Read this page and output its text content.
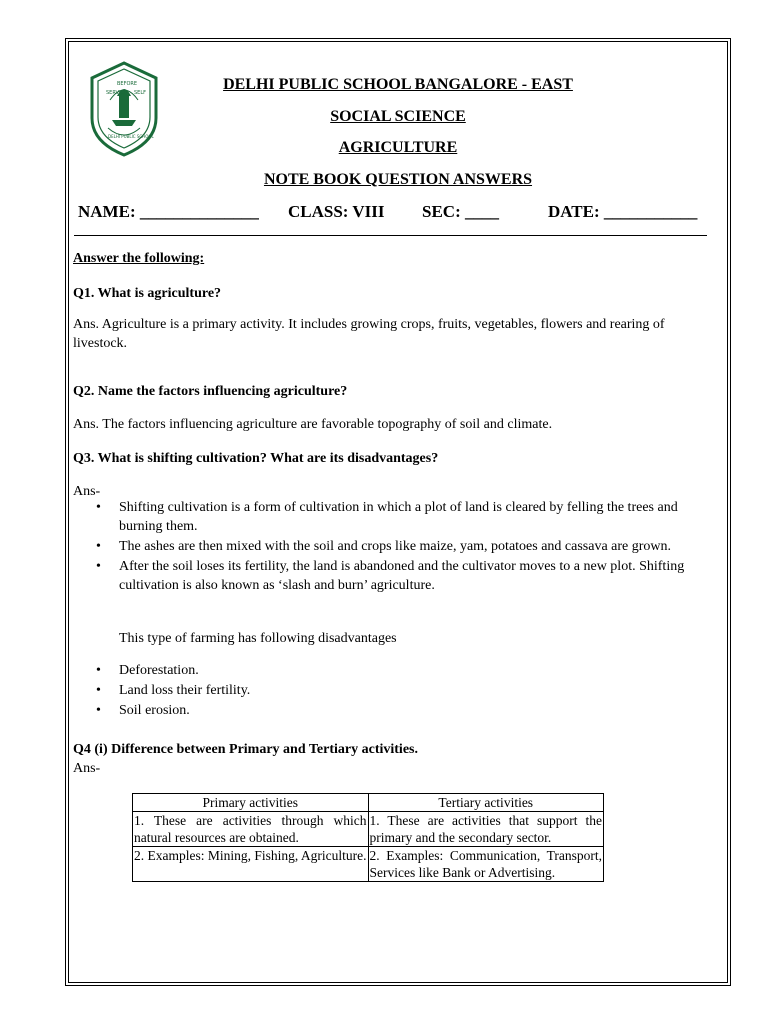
SERVICE
BEFORE
SELF
DELHI PUBLIC SCHOOL
DELHI PUBLIC SCHOOL BANGALORE - EAST
SOCIAL SCIENCE
AGRICULTURE
NOTE BOOK QUESTION ANSWERS
NAME: ______________ CLASS: VIII SEC: ____	DATE: ___________
Answer the following:
Q1. What is agriculture?
Ans. Agriculture is a primary activity. It includes growing crops, fruits, vegetables, flowers and rearing of livestock.
Q2. Name the factors influencing agriculture?
Ans. The factors influencing agriculture are favorable topography of soil and climate.
Q3. What is shifting cultivation? What are its disadvantages?
Ans-
• Shifting cultivation is a form of cultivation in which a plot of land is cleared by felling the trees and burning them.
• The ashes are then mixed with the soil and crops like maize, yam, potatoes and cassava are grown.
• After the soil loses its fertility, the land is abandoned and the cultivator moves to a new plot. Shifting cultivation is also known as ‘slash and burn’ agriculture.
This type of farming has following disadvantages
• Deforestation.
• Land loss their fertility.
• Soil erosion.
Q4 (i) Difference between Primary and Tertiary activities.
Ans-
Primary activities	Tertiary activities
1. These are activities through which natural resources are obtained.	1. These are activities that support the primary and the secondary sector.
2. Examples: Mining, Fishing, Agriculture.	2. Examples: Communication, Transport, Services like Bank or Advertising.
